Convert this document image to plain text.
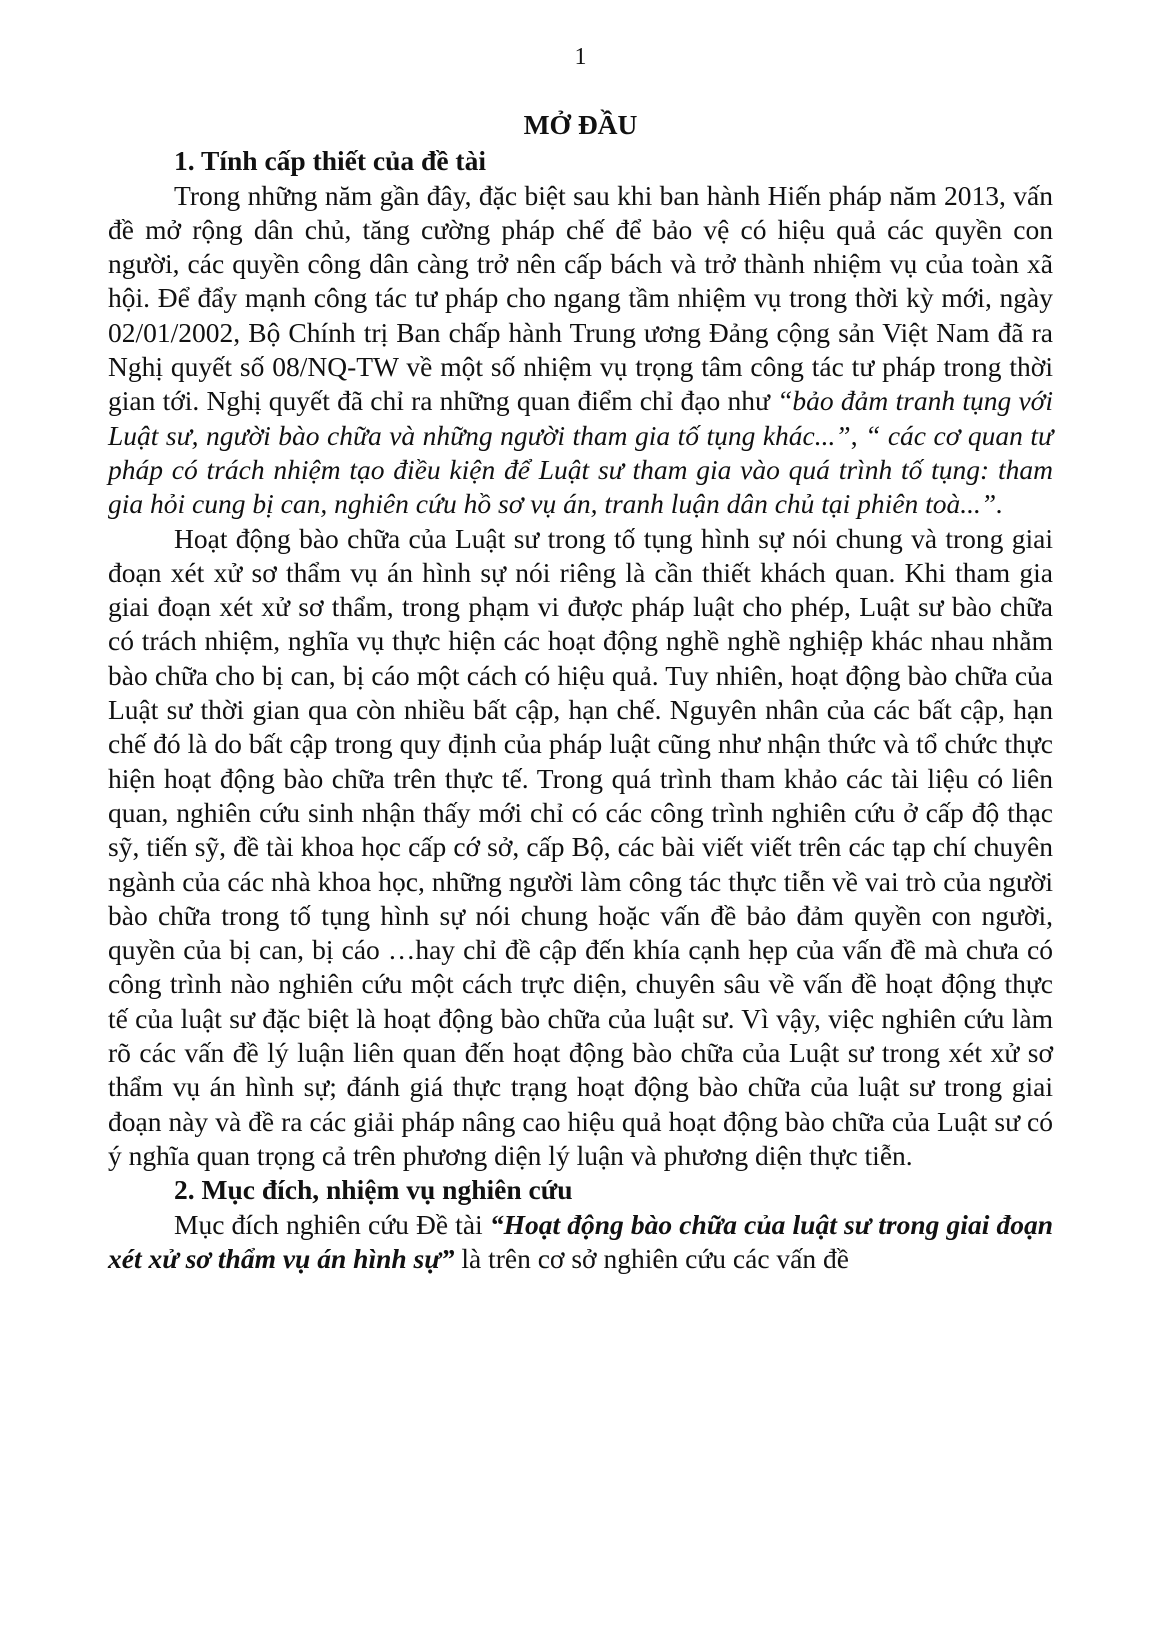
1
MỞ ĐẦU
1. Tính cấp thiết của đề tài

Trong những năm gần đây, đặc biệt sau khi ban hành Hiến pháp năm 2013, vấn đề mở rộng dân chủ, tăng cường pháp chế để bảo vệ có hiệu quả các quyền con người, các quyền công dân càng trở nên cấp bách và trở thành nhiệm vụ của toàn xã hội. Để đẩy mạnh công tác tư pháp cho ngang tầm nhiệm vụ trong thời kỳ mới, ngày 02/01/2002, Bộ Chính trị Ban chấp hành Trung ương Đảng cộng sản Việt Nam đã ra Nghị quyết số 08/NQ-TW về một số nhiệm vụ trọng tâm công tác tư pháp trong thời gian tới. Nghị quyết đã chỉ ra những quan điểm chỉ đạo như “bảo đảm tranh tụng với Luật sư, người bào chữa và những người tham gia tố tụng khác...”, “ các cơ quan tư pháp có trách nhiệm tạo điều kiện để Luật sư tham gia vào quá trình tố tụng: tham gia hỏi cung bị can, nghiên cứu hồ sơ vụ án, tranh luận dân chủ tại phiên toà...”.

Hoạt động bào chữa của Luật sư trong tố tụng hình sự nói chung và trong giai đoạn xét xử sơ thẩm vụ án hình sự nói riêng là cần thiết khách quan. Khi tham gia giai đoạn xét xử sơ thẩm, trong phạm vi được pháp luật cho phép, Luật sư bào chữa có trách nhiệm, nghĩa vụ thực hiện các hoạt động nghề nghề nghiệp khác nhau nhằm bào chữa cho bị can, bị cáo một cách có hiệu quả. Tuy nhiên, hoạt động bào chữa của Luật sư thời gian qua còn nhiều bất cập, hạn chế. Nguyên nhân của các bất cập, hạn chế đó là do bất cập trong quy định của pháp luật cũng như nhận thức và tổ chức thực hiện hoạt động bào chữa trên thực tế. Trong quá trình tham khảo các tài liệu có liên quan, nghiên cứu sinh nhận thấy mới chỉ có các công trình nghiên cứu ở cấp độ thạc sỹ, tiến sỹ, đề tài khoa học cấp cớ sở, cấp Bộ, các bài viết viết trên các tạp chí chuyên ngành của các nhà khoa học, những người làm công tác thực tiễn về vai trò của người bào chữa trong tố tụng hình sự nói chung hoặc vấn đề bảo đảm quyền con người, quyền của bị can, bị cáo …hay chỉ đề cập đến khía cạnh hẹp của vấn đề mà chưa có công trình nào nghiên cứu một cách trực diện, chuyên sâu về vấn đề hoạt động thực tế của luật sư đặc biệt là hoạt động bào chữa của luật sư. Vì vậy, việc nghiên cứu làm rõ các vấn đề lý luận liên quan đến hoạt động bào chữa của Luật sư trong xét xử sơ thẩm vụ án hình sự; đánh giá thực trạng hoạt động bào chữa của luật sư trong giai đoạn này và đề ra các giải pháp nâng cao hiệu quả hoạt động bào chữa của Luật sư có ý nghĩa quan trọng cả trên phương diện lý luận và phương diện thực tiễn.

2. Mục đích, nhiệm vụ nghiên cứu

Mục đích nghiên cứu Đề tài “Hoạt động bào chữa của luật sư trong giai đoạn xét xử sơ thẩm vụ án hình sự” là trên cơ sở nghiên cứu các vấn đề
